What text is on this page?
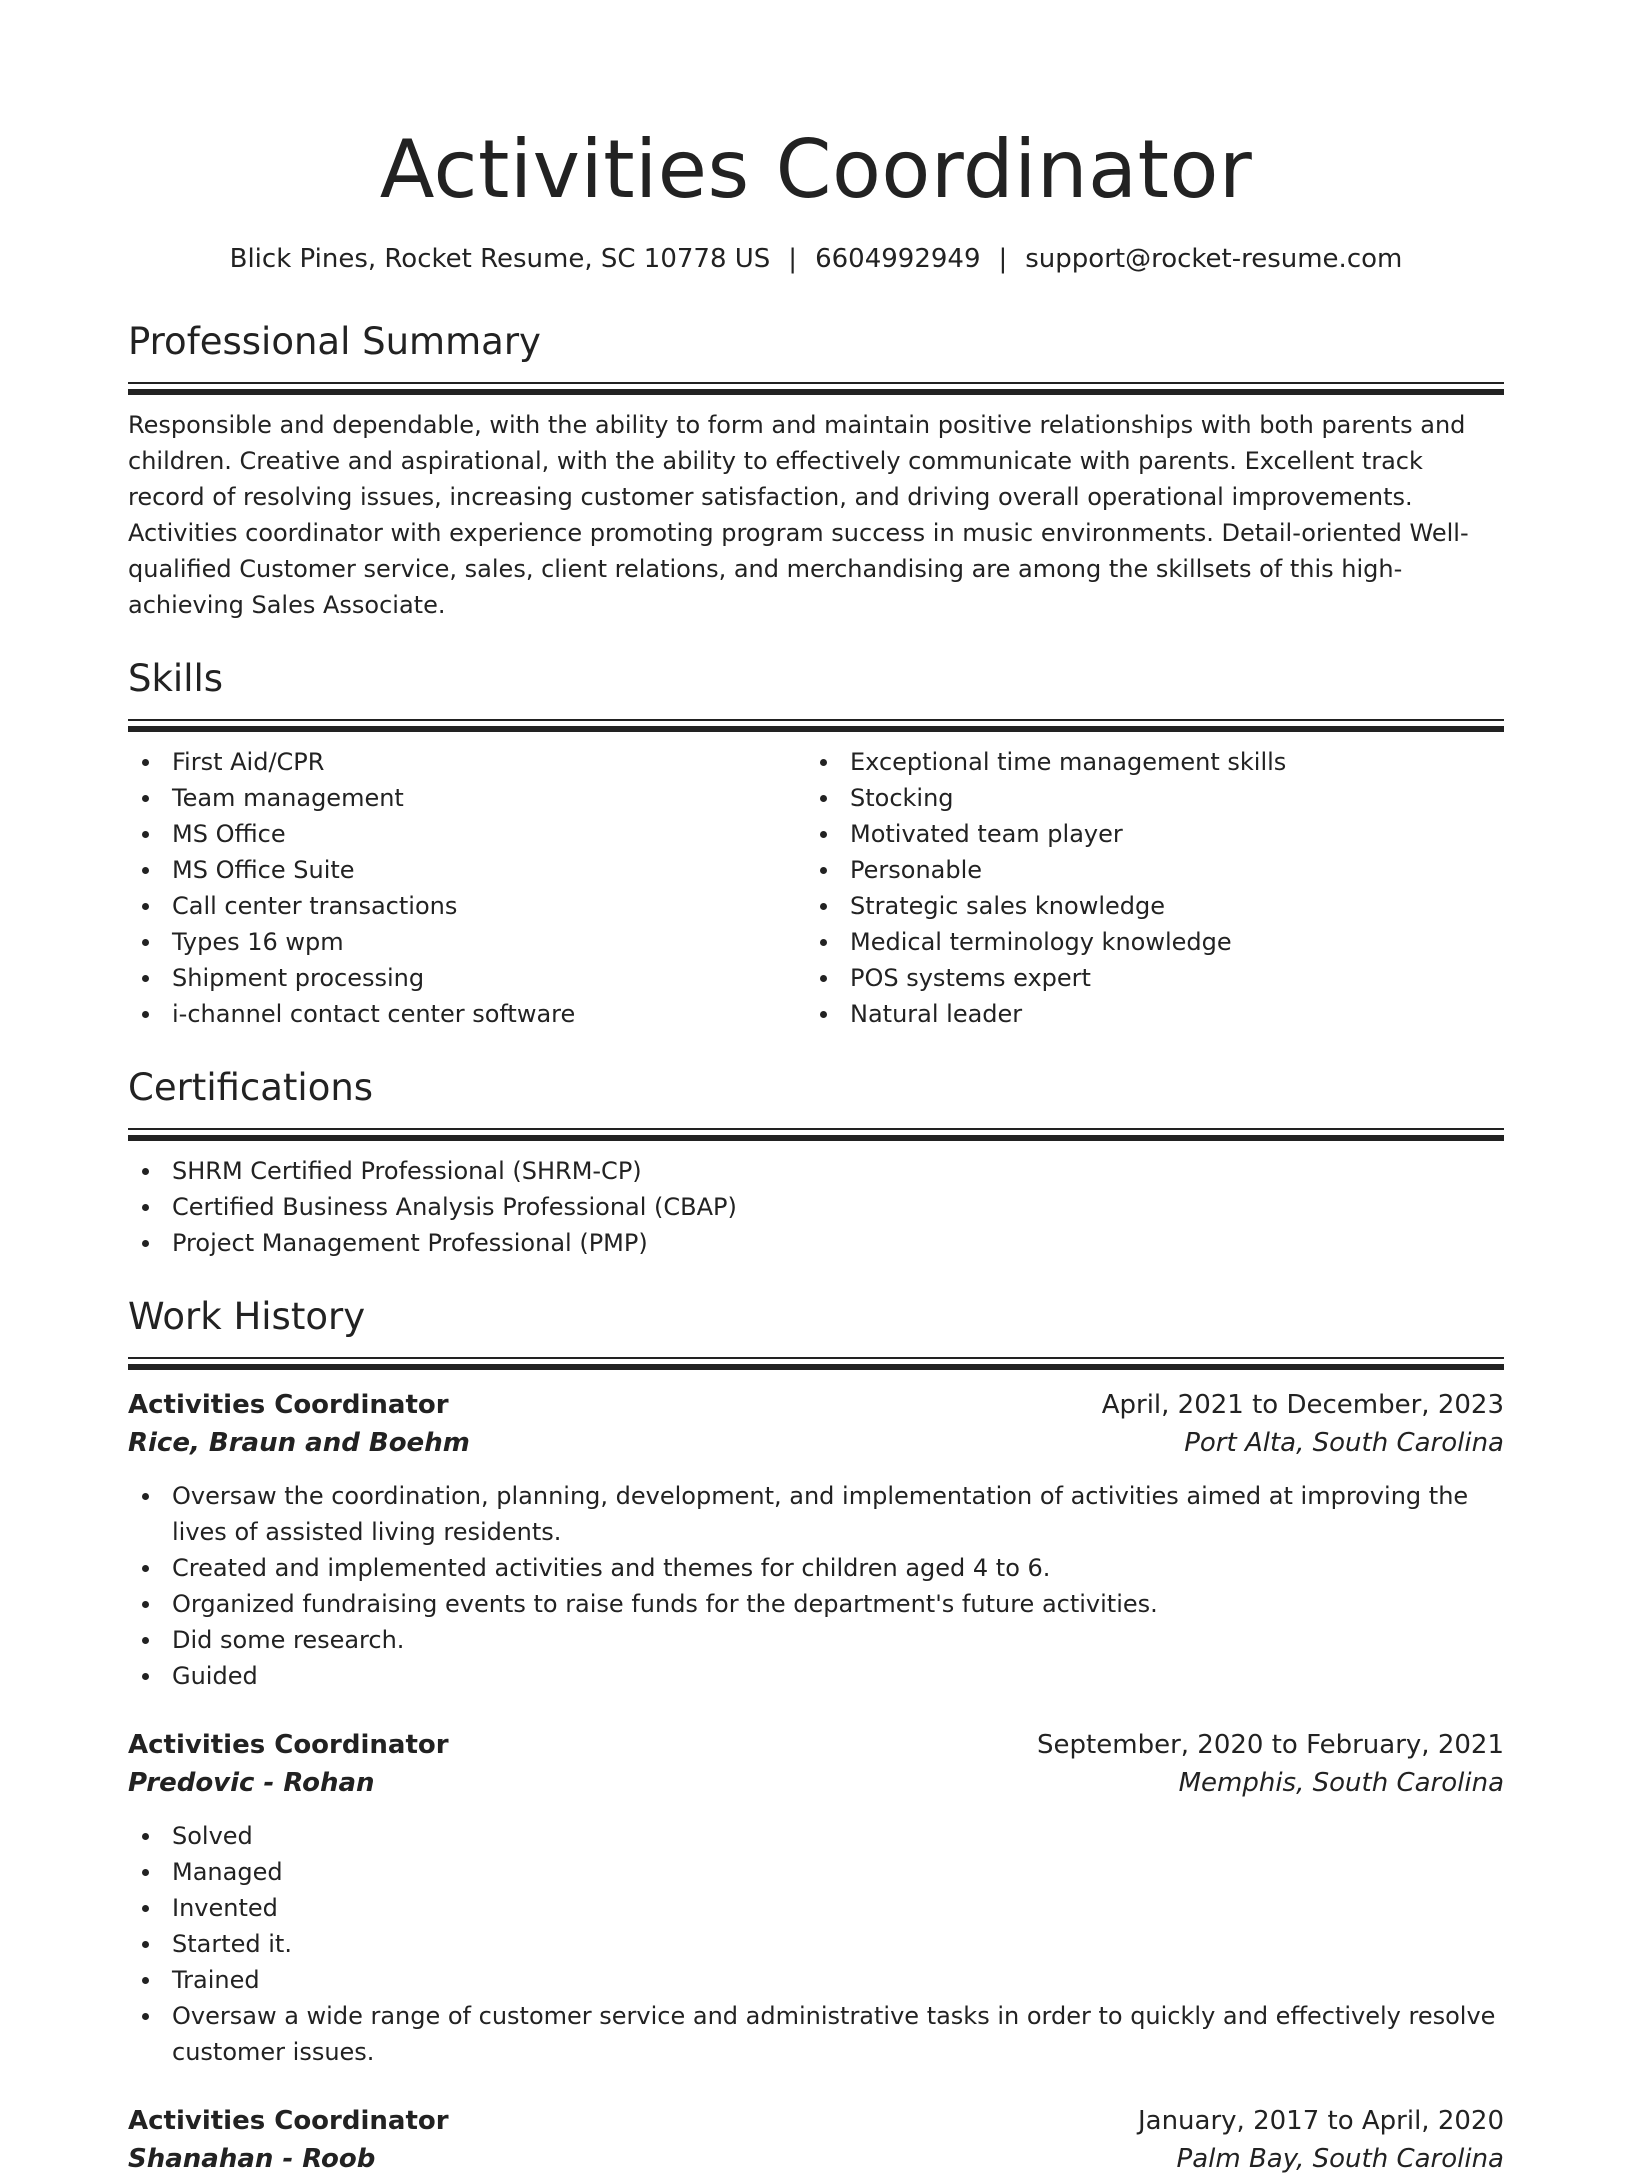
Activities Coordinator
Blick Pines, Rocket Resume, SC 10778 US | 6604992949 | support@rocket-resume.com
Professional Summary

Responsible and dependable, with the ability to form and maintain positive relationships with both parents and children. Creative and aspirational, with the ability to effectively communicate with parents. Excellent track record of resolving issues, increasing customer satisfaction, and driving overall operational improvements. Activities coordinator with experience promoting program success in music environments. Detail-oriented Well-qualified Customer service, sales, client relations, and merchandising are among the skillsets of this high-achieving Sales Associate.

Skills
First Aid/CPR
Team management
MS Office
MS Office Suite
Call center transactions
Types 16 wpm
Shipment processing
i-channel contact center software
Exceptional time management skills
Stocking
Motivated team player
Personable
Strategic sales knowledge
Medical terminology knowledge
POS systems expert
Natural leader
Certifications
SHRM Certified Professional (SHRM-CP)
Certified Business Analysis Professional (CBAP)
Project Management Professional (PMP)
Work History
Activities Coordinator	April, 2021 to December, 2023
Rice, Braun and Boehm	Port Alta, South Carolina
Oversaw the coordination, planning, development, and implementation of activities aimed at improving the lives of assisted living residents.
Created and implemented activities and themes for children aged 4 to 6.
Organized fundraising events to raise funds for the department's future activities.
Did some research.
Guided
Activities Coordinator	September, 2020 to February, 2021
Predovic - Rohan	Memphis, South Carolina
Solved
Managed
Invented
Started it.
Trained
Oversaw a wide range of customer service and administrative tasks in order to quickly and effectively resolve customer issues.
Activities Coordinator	January, 2017 to April, 2020
Shanahan - Roob	Palm Bay, South Carolina
